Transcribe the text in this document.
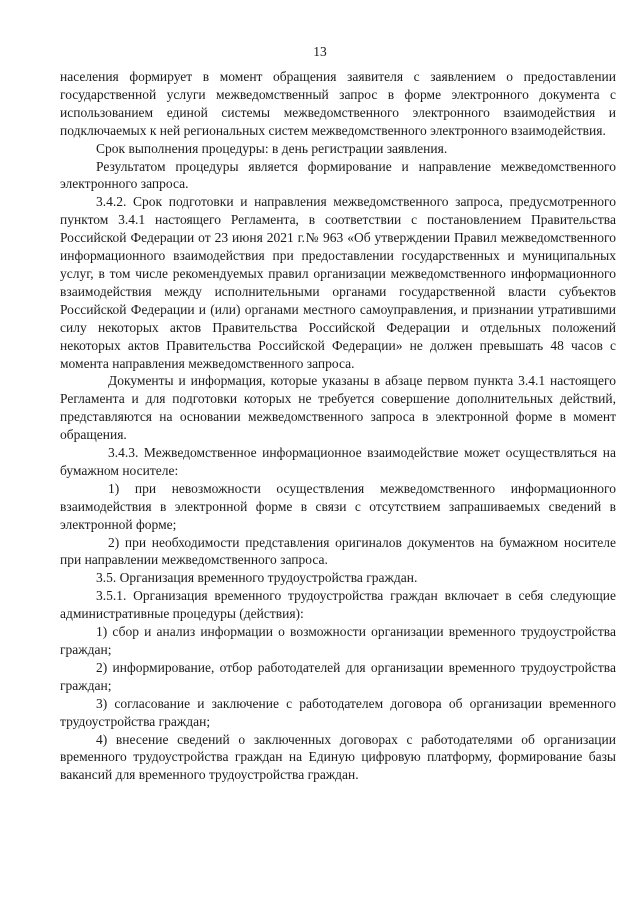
13

населения формирует в момент обращения заявителя с заявлением о предоставлении государственной услуги межведомственный запрос в форме электронного документа с использованием единой системы межведомственного электронного взаимодействия и подключаемых к ней региональных систем межведомственного электронного взаимодействия.

Срок выполнения процедуры: в день регистрации заявления.

Результатом процедуры является формирование и направление межведомственного электронного запроса.

3.4.2. Срок подготовки и направления межведомственного запроса, предусмотренного пунктом 3.4.1 настоящего Регламента, в соответствии с постановлением Правительства Российской Федерации от 23 июня 2021 г.№ 963 «Об утверждении Правил межведомственного информационного взаимодействия при предоставлении государственных и муниципальных услуг, в том числе рекомендуемых правил организации межведомственного информационного взаимодействия между исполнительными органами государственной власти субъектов Российской Федерации и (или) органами местного самоуправления, и признании утратившими силу некоторых актов Правительства Российской Федерации и отдельных положений некоторых актов Правительства Российской Федерации» не должен превышать 48 часов с момента направления межведомственного запроса.

Документы и информация, которые указаны в абзаце первом пункта 3.4.1 настоящего Регламента и для подготовки которых не требуется совершение дополнительных действий, представляются на основании межведомственного запроса в электронной форме в момент обращения.

3.4.3. Межведомственное информационное взаимодействие может осуществляться на бумажном носителе:

1) при невозможности осуществления межведомственного информационного взаимодействия в электронной форме в связи с отсутствием запрашиваемых сведений в электронной форме;

2) при необходимости представления оригиналов документов на бумажном носителе при направлении межведомственного запроса.

3.5. Организация временного трудоустройства граждан.

3.5.1. Организация временного трудоустройства граждан включает в себя следующие административные процедуры (действия):

1) сбор и анализ информации о возможности организации временного трудоустройства граждан;

2) информирование, отбор работодателей для организации временного трудоустройства граждан;

3) согласование и заключение с работодателем договора об организации временного трудоустройства граждан;

4) внесение сведений о заключенных договорах с работодателями об организации временного трудоустройства граждан на Единую цифровую платформу, формирование базы вакансий для временного трудоустройства граждан.
